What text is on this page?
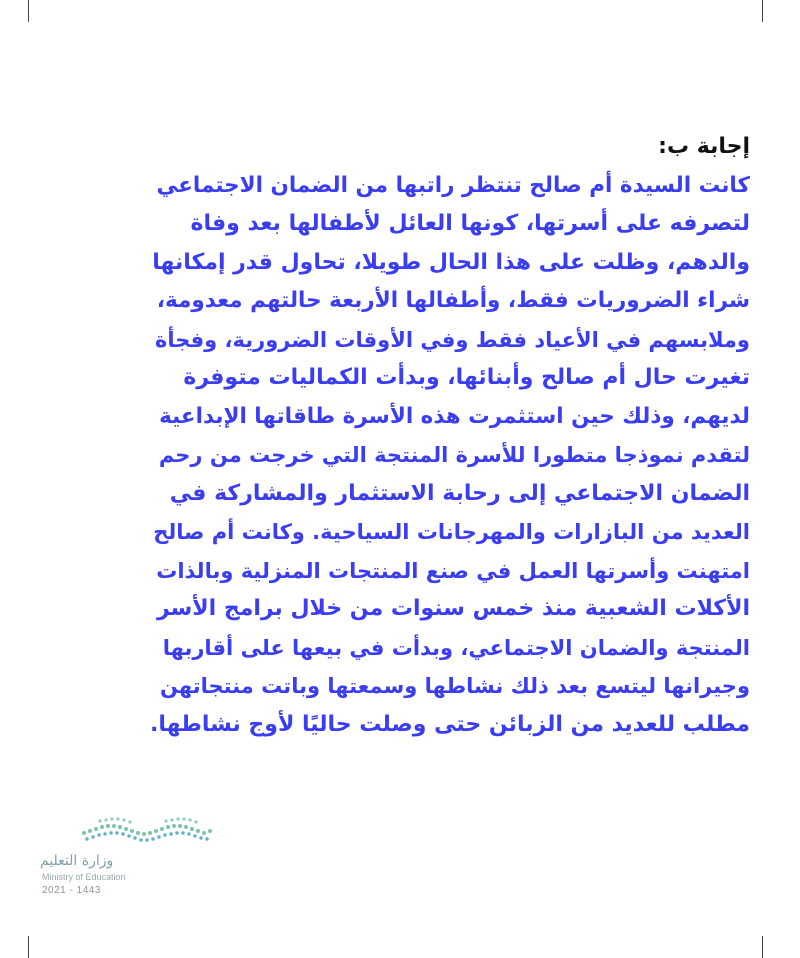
إجابة ب:
كانت السيدة أم صالح تنتظر راتبها من الضمان الاجتماعي
لتصرفه على أسرتها، كونها العائل لأطفالها بعد وفاة
والدهم، وظلت على هذا الحال طويلا، تحاول قدر إمكانها
شراء الضروريات فقط، وأطفالها الأربعة حالتهم معدومة،
وملابسهم في الأعياد فقط وفي الأوقات الضرورية، وفجأة
تغيرت حال أم صالح وأبنائها، وبدأت الكماليات متوفرة
لديهم، وذلك حين استثمرت هذه الأسرة طاقاتها الإبداعية
لتقدم نموذجا متطورا للأسرة المنتجة التي خرجت من رحم
الضمان الاجتماعي إلى رحابة الاستثمار والمشاركة في
العديد من البازارات والمهرجانات السياحية. وكانت أم صالح
امتهنت وأسرتها العمل في صنع المنتجات المنزلية وبالذات
الأكلات الشعبية منذ خمس سنوات من خلال برامج الأسر
المنتجة والضمان الاجتماعي، وبدأت في بيعها على أقاربها
وجيرانها ليتسع بعد ذلك نشاطها وسمعتها وباتت منتجاتهن
مطلب للعديد من الزبائن حتى وصلت حاليًا لأوج نشاطها.
وزارة التعليم
Ministry of Education
2021 - 1443
